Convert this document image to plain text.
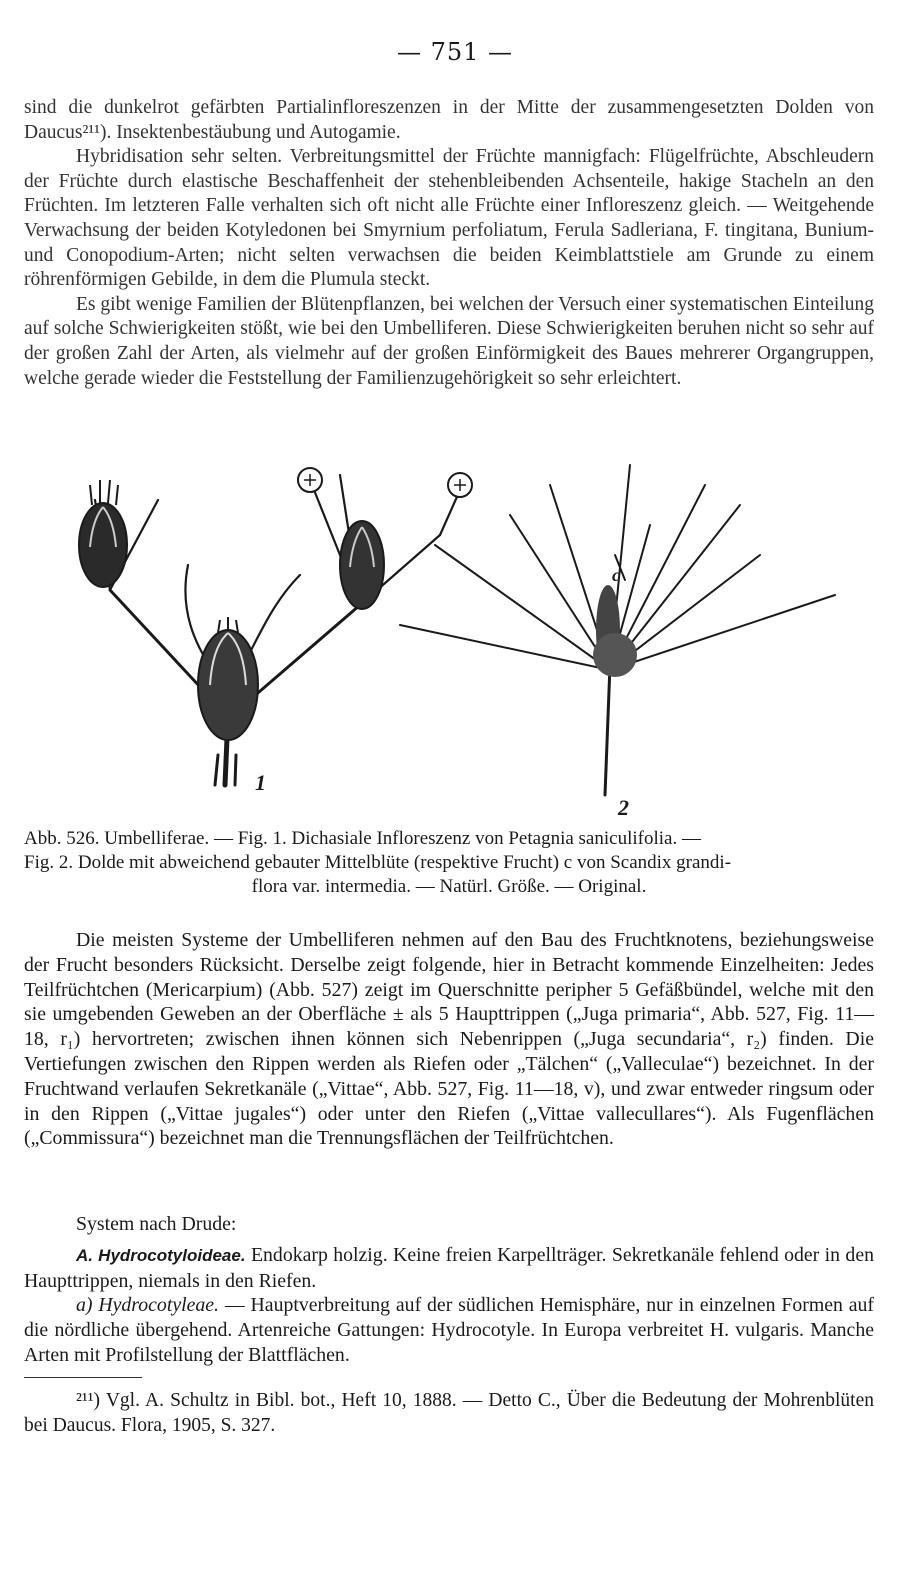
— 751 —

sind die dunkelrot gefärbten Partialinfloreszenzen in der Mitte der zusammengesetzten Dolden von Daucus²¹¹). Insektenbestäubung und Autogamie.

Hybridisation sehr selten. Verbreitungsmittel der Früchte mannigfach: Flügelfrüchte, Abschleudern der Früchte durch elastische Beschaffenheit der stehenbleibenden Achsenteile, hakige Stacheln an den Früchten. Im letzteren Falle verhalten sich oft nicht alle Früchte einer Infloreszenz gleich. — Weitgehende Verwachsung der beiden Kotyledonen bei Smyrnium perfoliatum, Ferula Sadleriana, F. tingitana, Bunium- und Conopodium-Arten; nicht selten verwachsen die beiden Keimblattstiele am Grunde zu einem röhrenförmigen Gebilde, in dem die Plumula steckt.

Es gibt wenige Familien der Blütenpflanzen, bei welchen der Versuch einer systematischen Einteilung auf solche Schwierigkeiten stößt, wie bei den Umbelliferen. Diese Schwierigkeiten beruhen nicht so sehr auf der großen Zahl der Arten, als vielmehr auf der großen Einförmigkeit des Baues mehrerer Organgruppen, welche gerade wieder die Feststellung der Familienzugehörigkeit so sehr erleichtert.

1
2
c
Abb. 526. Umbelliferae. — Fig. 1. Dichasiale Infloreszenz von Petagnia saniculifolia. —
Fig. 2. Dolde mit abweichend gebauter Mittelblüte (respektive Frucht) c von Scandix grandi-
flora var. intermedia. — Natürl. Größe. — Original.

Die meisten Systeme der Umbelliferen nehmen auf den Bau des Fruchtknotens, beziehungsweise der Frucht besonders Rücksicht. Derselbe zeigt folgende, hier in Betracht kommende Einzelheiten: Jedes Teilfrüchtchen (Mericarpium) (Abb. 527) zeigt im Querschnitte peripher 5 Gefäßbündel, welche mit den sie umgebenden Geweben an der Oberfläche ± als 5 Haupttrippen („Juga primaria“, Abb. 527, Fig. 11—18, r₁) hervortreten; zwischen ihnen können sich Nebenrippen („Juga secundaria“, r₂) finden. Die Vertiefungen zwischen den Rippen werden als Riefen oder „Tälchen“ („Valleculae“) bezeichnet. In der Fruchtwand verlaufen Sekretkanäle („Vittae“, Abb. 527, Fig. 11—18, v), und zwar entweder ringsum oder in den Rippen („Vittae jugales“) oder unter den Riefen („Vittae vallecullares“). Als Fugenflächen („Commissura“) bezeichnet man die Trennungsflächen der Teilfrüchtchen.

System nach Drude:

A. Hydrocotyloideae. Endokarp holzig. Keine freien Karpellträger. Sekretkanäle fehlend oder in den Haupttrippen, niemals in den Riefen.

a) Hydrocotyleae. — Hauptverbreitung auf der südlichen Hemisphäre, nur in einzelnen Formen auf die nördliche übergehend. Artenreiche Gattungen: Hydrocotyle. In Europa verbreitet H. vulgaris. Manche Arten mit Profilstellung der Blattflächen.

²¹¹) Vgl. A. Schultz in Bibl. bot., Heft 10, 1888. — Detto C., Über die Bedeutung der Mohrenblüten bei Daucus. Flora, 1905, S. 327.
